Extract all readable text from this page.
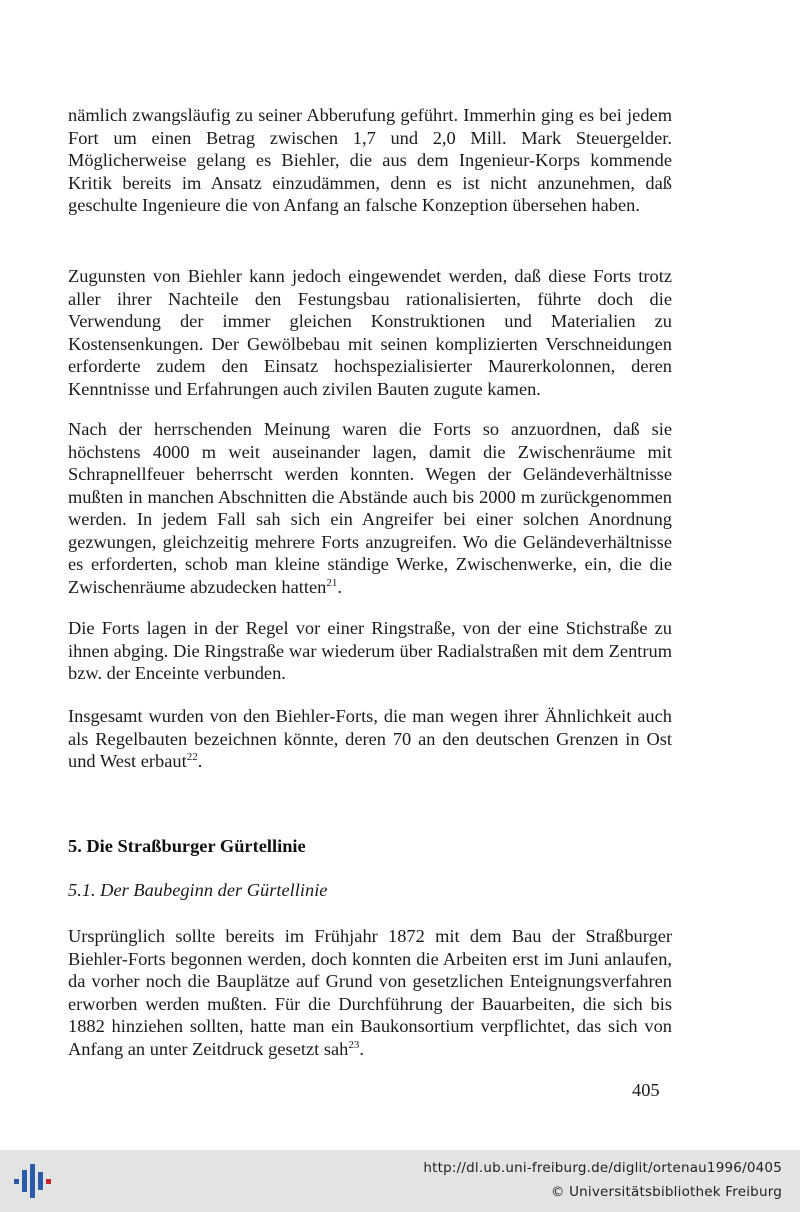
nämlich zwangsläufig zu seiner Abberufung geführt. Immerhin ging es bei jedem Fort um einen Betrag zwischen 1,7 und 2,0 Mill. Mark Steuergelder. Möglicherweise gelang es Biehler, die aus dem Ingenieur-Korps kommende Kritik bereits im Ansatz einzudämmen, denn es ist nicht anzunehmen, daß geschulte Ingenieure die von Anfang an falsche Konzeption übersehen haben.

Zugunsten von Biehler kann jedoch eingewendet werden, daß diese Forts trotz aller ihrer Nachteile den Festungsbau rationalisierten, führte doch die Verwendung der immer gleichen Konstruktionen und Materialien zu Kostensenkungen. Der Gewölbebau mit seinen komplizierten Verschneidungen erforderte zudem den Einsatz hochspezialisierter Maurerkolonnen, deren Kenntnisse und Erfahrungen auch zivilen Bauten zugute kamen.

Nach der herrschenden Meinung waren die Forts so anzuordnen, daß sie höchstens 4000 m weit auseinander lagen, damit die Zwischenräume mit Schrapnellfeuer beherrscht werden konnten. Wegen der Geländeverhältnisse mußten in manchen Abschnitten die Abstände auch bis 2000 m zurückgenommen werden. In jedem Fall sah sich ein Angreifer bei einer solchen Anordnung gezwungen, gleichzeitig mehrere Forts anzugreifen. Wo die Geländeverhältnisse es erforderten, schob man kleine ständige Werke, Zwischenwerke, ein, die die Zwischenräume abzudecken hatten$^{21}$.

Die Forts lagen in der Regel vor einer Ringstraße, von der eine Stichstraße zu ihnen abging. Die Ringstraße war wiederum über Radialstraßen mit dem Zentrum bzw. der Enceinte verbunden.

Insgesamt wurden von den Biehler-Forts, die man wegen ihrer Ähnlichkeit auch als Regelbauten bezeichnen könnte, deren 70 an den deutschen Grenzen in Ost und West erbaut$^{22}$.

5. Die Straßburger Gürtellinie
5.1. Der Baubeginn der Gürtellinie

Ursprünglich sollte bereits im Frühjahr 1872 mit dem Bau der Straßburger Biehler-Forts begonnen werden, doch konnten die Arbeiten erst im Juni anlaufen, da vorher noch die Bauplätze auf Grund von gesetzlichen Enteignungsverfahren erworben werden mußten. Für die Durchführung der Bauarbeiten, die sich bis 1882 hinziehen sollten, hatte man ein Baukonsortium verpflichtet, das sich von Anfang an unter Zeitdruck gesetzt sah$^{23}$.

405
http://dl.ub.uni-freiburg.de/diglit/ortenau1996/0405
© Universitätsbibliothek Freiburg
